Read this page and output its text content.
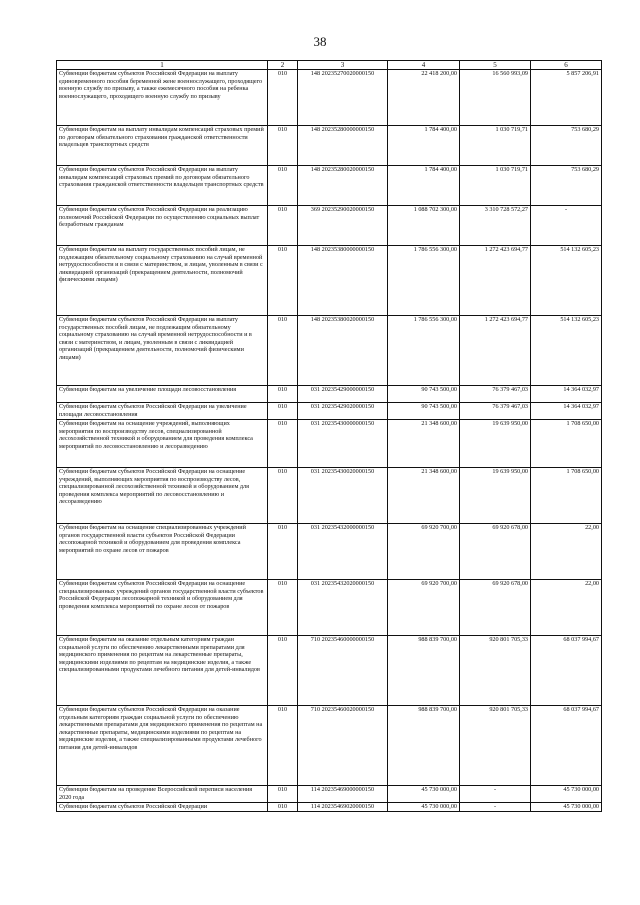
38
1	2	3	4	5	6
Субвенции бюджетам субъектов Российской Федерации на выплату единовременного пособия беременной жене военнослужащего, проходящего военную службу по призыву, а также ежемесячного пособия на ребенка военнослужащего, проходящего военную службу по призыву	010	148 20235270020000150	22 418 200,00	16 560 993,09	5 857 206,91
Субвенции бюджетам на выплату инвалидам компенсаций страховых премий по договорам обязательного страхования гражданской ответственности владельцев транспортных средств	010	148 20235280000000150	1 784 400,00	1 030 719,71	753 680,29
Субвенции бюджетам субъектов Российской Федерации на выплату инвалидам компенсаций страховых премий по договорам обязательного страхования гражданской ответственности владельцев транспортных средств	010	148 20235280020000150	1 784 400,00	1 030 719,71	753 680,29
Субвенции бюджетам субъектов Российской Федерации на реализацию полномочий Российской Федерации по осуществлению социальных выплат безработным гражданам	010	369 20235290020000150	1 088 702 300,00	3 310 728 572,27	-
Субвенции бюджетам на выплату государственных пособий лицам, не подлежащим обязательному социальному страхованию на случай временной нетрудоспособности и в связи с материнством, и лицам, уволенным в связи с ликвидацией организаций (прекращением деятельности, полномочий физическими лицами)	010	148 20235380000000150	1 786 556 300,00	1 272 423 694,77	514 132 605,23
Субвенции бюджетам субъектов Российской Федерации на выплату государственных пособий лицам, не подлежащим обязательному социальному страхованию на случай временной нетрудоспособности и в связи с материнством, и лицам, уволенным в связи с ликвидацией организаций (прекращением деятельности, полномочий физическими лицами)	010	148 20235380020000150	1 786 556 300,00	1 272 423 694,77	514 132 605,23
Субвенции бюджетам на увеличение площади лесовосстановления	010	031 20235429000000150	90 743 500,00	76 379 467,03	14 364 032,97
Субвенции бюджетам субъектов Российской Федерации на увеличение площади лесовосстановления	010	031 20235429020000150	90 743 500,00	76 379 467,03	14 364 032,97
Субвенции бюджетам на оснащение учреждений, выполняющих мероприятия по воспроизводству лесов, специализированной лесохозяйственной техникой и оборудованием для проведения комплекса мероприятий по лесовосстановлению и лесоразведению	010	031 20235430000000150	21 348 600,00	19 639 950,00	1 708 650,00
Субвенции бюджетам субъектов Российской Федерации на оснащение учреждений, выполняющих мероприятия по воспроизводству лесов, специализированной лесохозяйственной техникой и оборудованием для проведения комплекса мероприятий по лесовосстановлению и лесоразведению	010	031 20235430020000150	21 348 600,00	19 639 950,00	1 708 650,00
Субвенции бюджетам на оснащение специализированных учреждений органов государственной власти субъектов Российской Федерации лесопожарной техникой и оборудованием для проведения комплекса мероприятий по охране лесов от пожаров	010	031 20235432000000150	69 920 700,00	69 920 678,00	22,00
Субвенции бюджетам субъектов Российской Федерации на оснащение специализированных учреждений органов государственной власти субъектов Российской Федерации лесопожарной техникой и оборудованием для проведения комплекса мероприятий по охране лесов от пожаров	010	031 20235432020000150	69 920 700,00	69 920 678,00	22,00
Субвенции бюджетам на оказание отдельным категориям граждан социальной услуги по обеспечению лекарственными препаратами для медицинского применения по рецептам на лекарственные препараты, медицинскими изделиями по рецептам на медицинские изделия, а также специализированными продуктами лечебного питания для детей-инвалидов	010	710 20235460000000150	988 839 700,00	920 801 705,33	68 037 994,67
Субвенции бюджетам субъектов Российской Федерации на оказание отдельным категориям граждан социальной услуги по обеспечению лекарственными препаратами для медицинского применения по рецептам на лекарственные препараты, медицинскими изделиями по рецептам на медицинские изделия, а также специализированными продуктами лечебного питания для детей-инвалидов	010	710 20235460020000150	988 839 700,00	920 801 705,33	68 037 994,67
Субвенции бюджетам на проведение Всероссийской переписи населения 2020 года	010	114 20235469000000150	45 730 000,00	-	45 730 000,00
Субвенции бюджетам субъектов Российской Федерации	010	114 20235469020000150	45 730 000,00	-	45 730 000,00
